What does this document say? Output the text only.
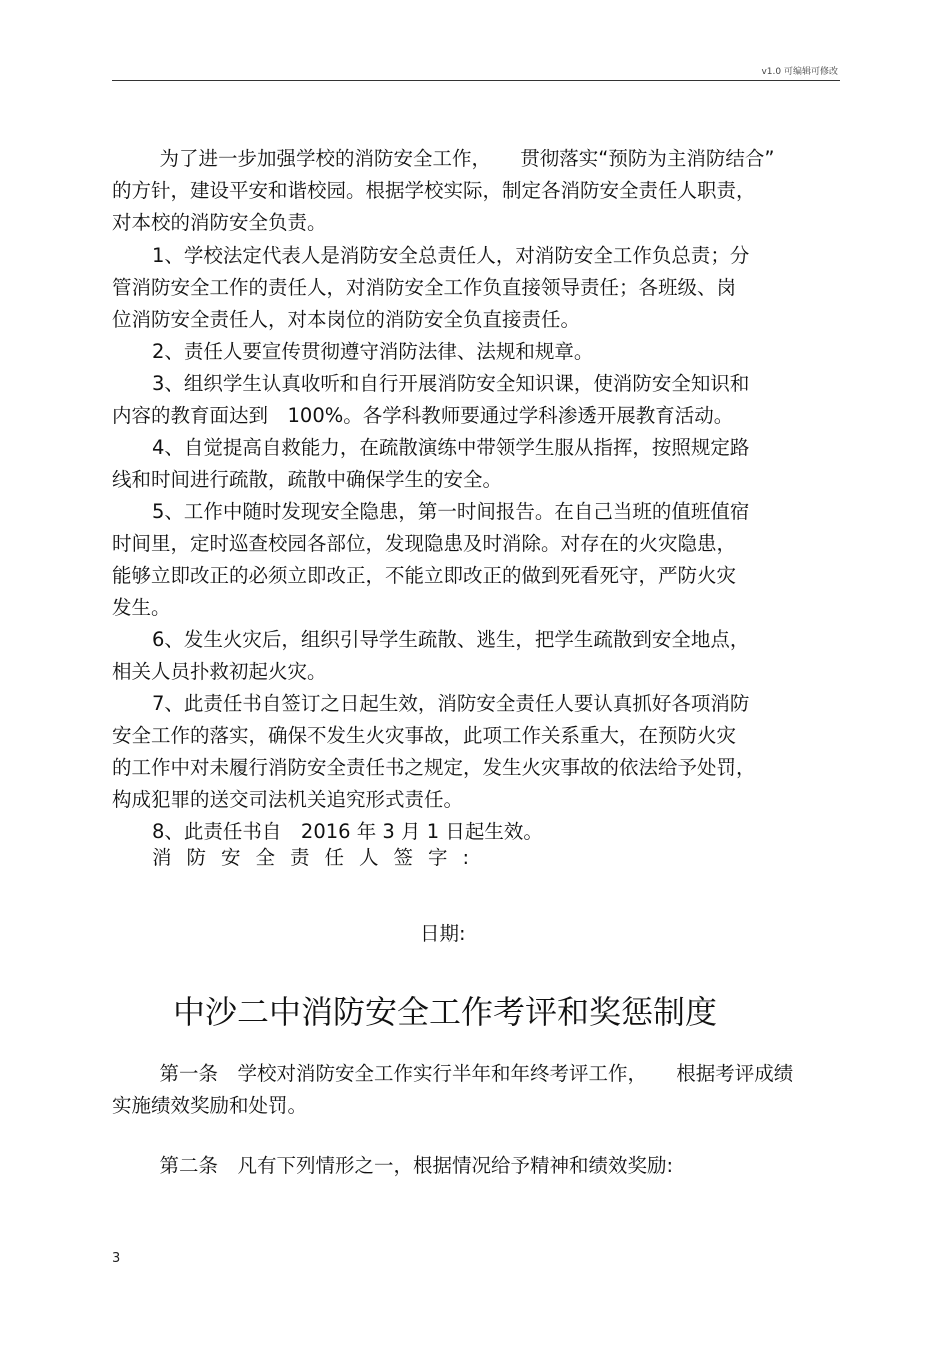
v1.0 可编辑可修改
　为了进一步加强学校的消防安全工作，　　贯彻落实“预防为主消防结合”
的方针，建设平安和谐校园。根据学校实际，制定各消防安全责任人职责，
对本校的消防安全负责。
1、学校法定代表人是消防安全总责任人，对消防安全工作负总责；分
管消防安全工作的责任人，对消防安全工作负直接领导责任；各班级、岗
位消防安全责任人，对本岗位的消防安全负直接责任。
2、责任人要宣传贯彻遵守消防法律、法规和规章。
3、组织学生认真收听和自行开展消防安全知识课，使消防安全知识和
内容的教育面达到　100%。各学科教师要通过学科渗透开展教育活动。
4、自觉提高自救能力，在疏散演练中带领学生服从指挥，按照规定路
线和时间进行疏散，疏散中确保学生的安全。
5、工作中随时发现安全隐患，第一时间报告。在自己当班的值班值宿
时间里，定时巡查校园各部位，发现隐患及时消除。对存在的火灾隐患，
能够立即改正的必须立即改正，不能立即改正的做到死看死守，严防火灾
发生。
6、发生火灾后，组织引导学生疏散、逃生，把学生疏散到安全地点，
相关人员扑救初起火灾。
7、此责任书自签订之日起生效，消防安全责任人要认真抓好各项消防
安全工作的落实，确保不发生火灾事故，此项工作关系重大，在预防火灾
的工作中对未履行消防安全责任书之规定，发生火灾事故的依法给予处罚，
构成犯罪的送交司法机关追究形式责任。
8、此责任书自　2016 年 3 月 1 日起生效。
消防安全责任人签字:
日期:
中沙二中消防安全工作考评和奖惩制度
　第一条　学校对消防安全工作实行半年和年终考评工作，　　根据考评成绩
实施绩效奖励和处罚。
　第二条　凡有下列情形之一，根据情况给予精神和绩效奖励:
3
